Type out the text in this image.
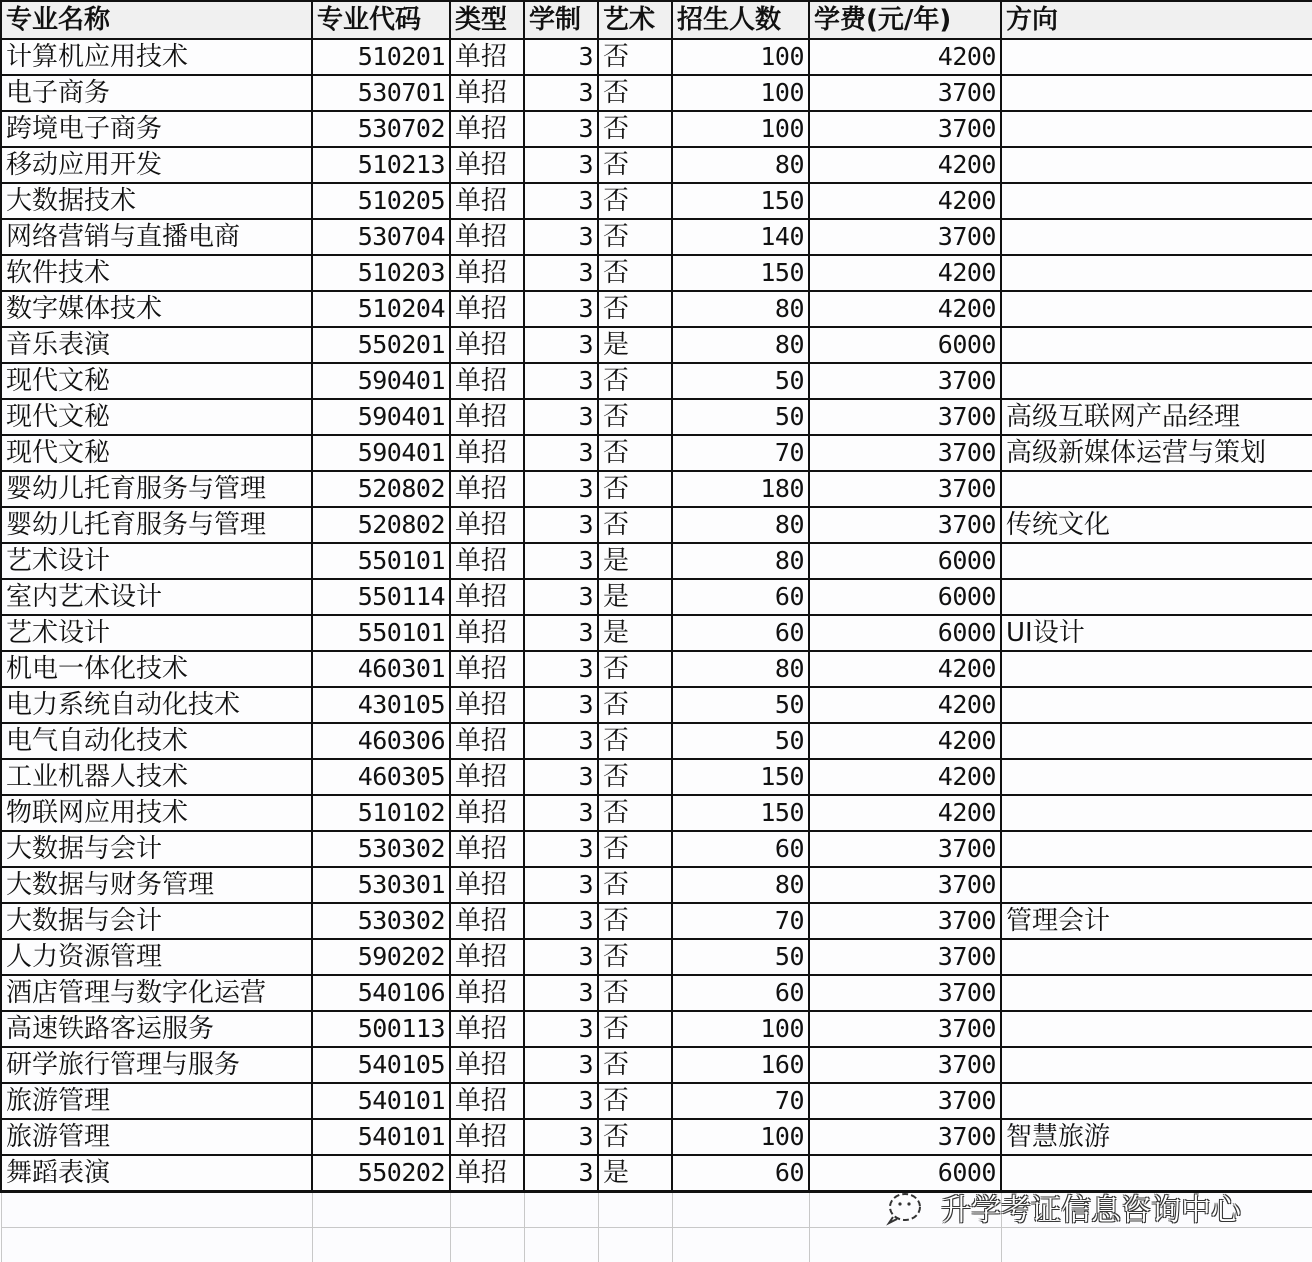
专业名称	专业代码	类型	学制	艺术	招生人数	学费(元/年)	方向
计算机应用技术	510201	单招	3	否	100	4200	
电子商务	530701	单招	3	否	100	3700	
跨境电子商务	530702	单招	3	否	100	3700	
移动应用开发	510213	单招	3	否	80	4200	
大数据技术	510205	单招	3	否	150	4200	
网络营销与直播电商	530704	单招	3	否	140	3700	
软件技术	510203	单招	3	否	150	4200	
数字媒体技术	510204	单招	3	否	80	4200	
音乐表演	550201	单招	3	是	80	6000	
现代文秘	590401	单招	3	否	50	3700	
现代文秘	590401	单招	3	否	50	3700	高级互联网产品经理
现代文秘	590401	单招	3	否	70	3700	高级新媒体运营与策划
婴幼儿托育服务与管理	520802	单招	3	否	180	3700	
婴幼儿托育服务与管理	520802	单招	3	否	80	3700	传统文化
艺术设计	550101	单招	3	是	80	6000	
室内艺术设计	550114	单招	3	是	60	6000	
艺术设计	550101	单招	3	是	60	6000	UI设计
机电一体化技术	460301	单招	3	否	80	4200	
电力系统自动化技术	430105	单招	3	否	50	4200	
电气自动化技术	460306	单招	3	否	50	4200	
工业机器人技术	460305	单招	3	否	150	4200	
物联网应用技术	510102	单招	3	否	150	4200	
大数据与会计	530302	单招	3	否	60	3700	
大数据与财务管理	530301	单招	3	否	80	3700	
大数据与会计	530302	单招	3	否	70	3700	管理会计
人力资源管理	590202	单招	3	否	50	3700	
酒店管理与数字化运营	540106	单招	3	否	60	3700	
高速铁路客运服务	500113	单招	3	否	100	3700	
研学旅行管理与服务	540105	单招	3	否	160	3700	
旅游管理	540101	单招	3	否	70	3700	
旅游管理	540101	单招	3	否	100	3700	智慧旅游
舞蹈表演	550202	单招	3	是	60	6000	

升学考证信息咨询中心
